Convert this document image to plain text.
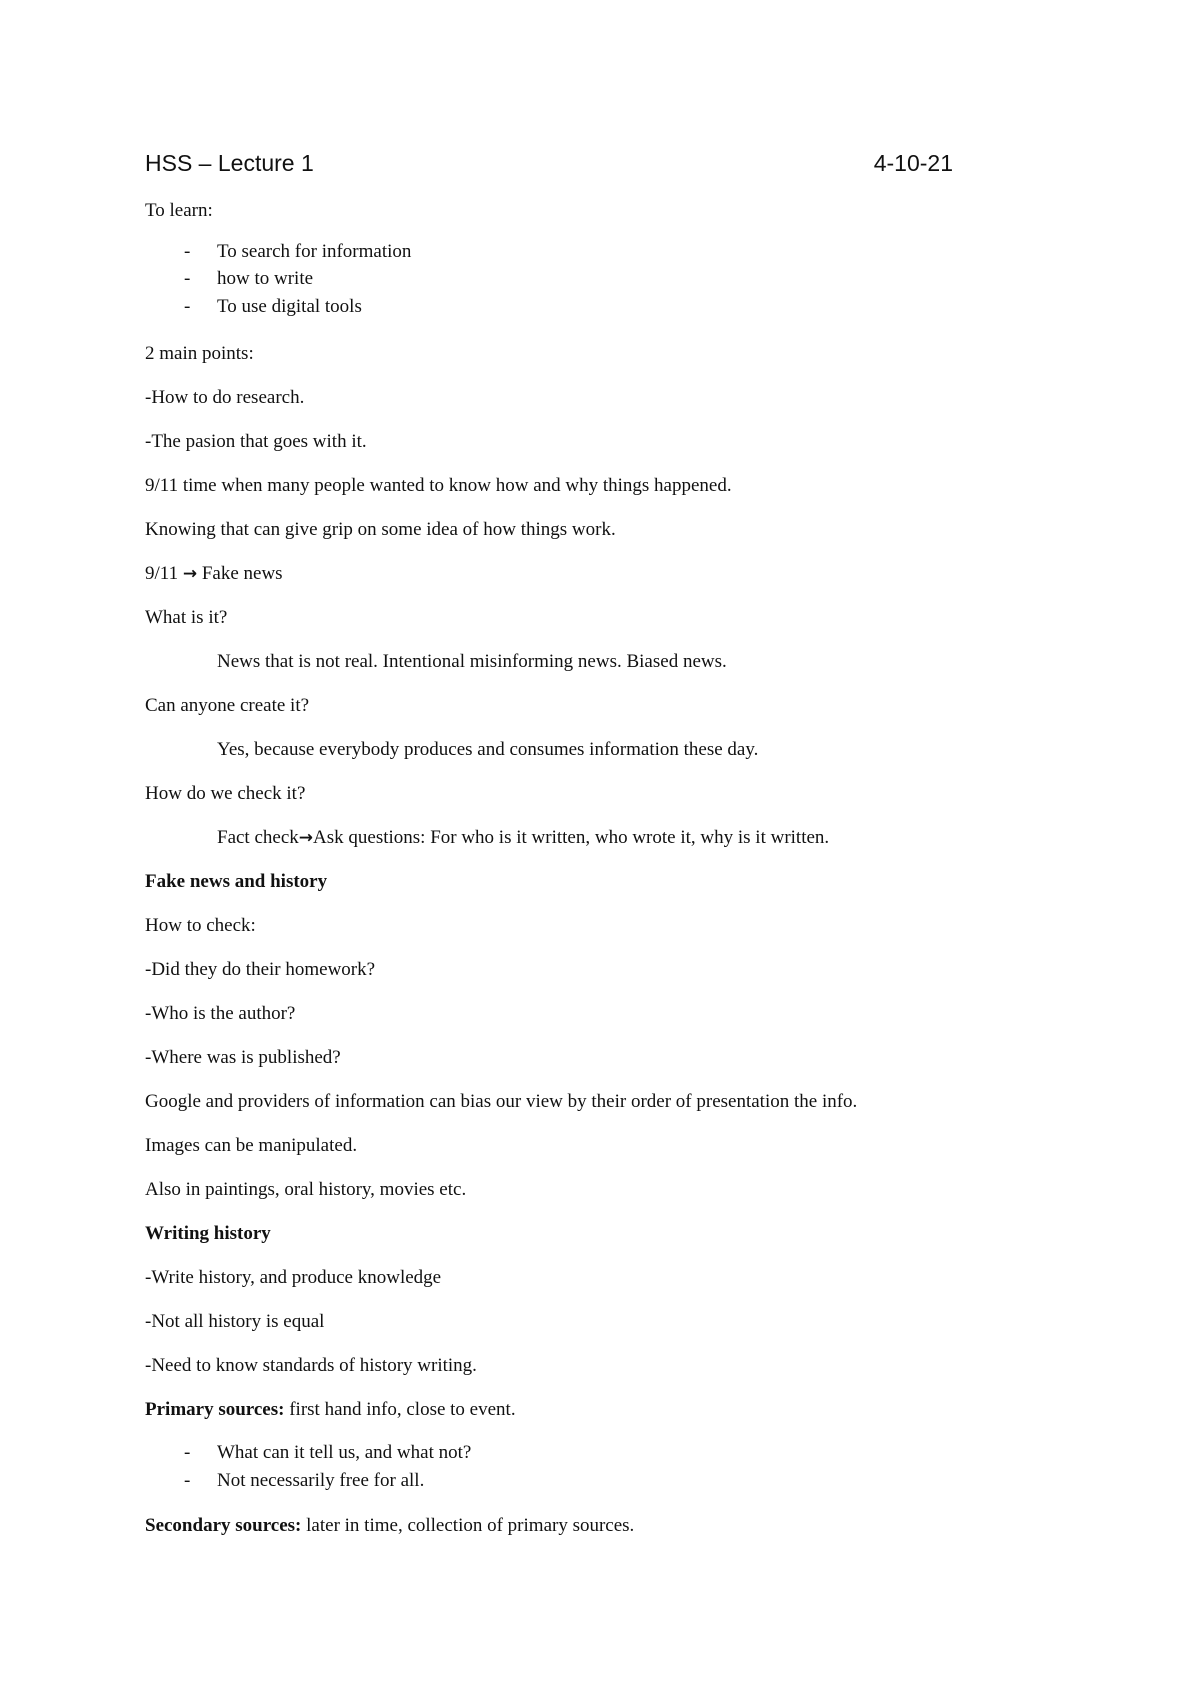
HSS – Lecture 1	4-10-21
To learn:
- To search for information
- how to write
- To use digital tools
2 main points:
-How to do research.
-The pasion that goes with it.
9/11 time when many people wanted to know how and why things happened.
Knowing that can give grip on some idea of how things work.
9/11 → Fake news
What is it?
News that is not real. Intentional misinforming news. Biased news.
Can anyone create it?
Yes, because everybody produces and consumes information these day.
How do we check it?
Fact check→Ask questions: For who is it written, who wrote it, why is it written.
Fake news and history
How to check:
-Did they do their homework?
-Who is the author?
-Where was is published?
Google and providers of information can bias our view by their order of presentation the info.
Images can be manipulated.
Also in paintings, oral history, movies etc.
Writing history
-Write history, and produce knowledge
-Not all history is equal
-Need to know standards of history writing.
Primary sources: first hand info, close to event.
- What can it tell us, and what not?
- Not necessarily free for all.
Secondary sources: later in time, collection of primary sources.
